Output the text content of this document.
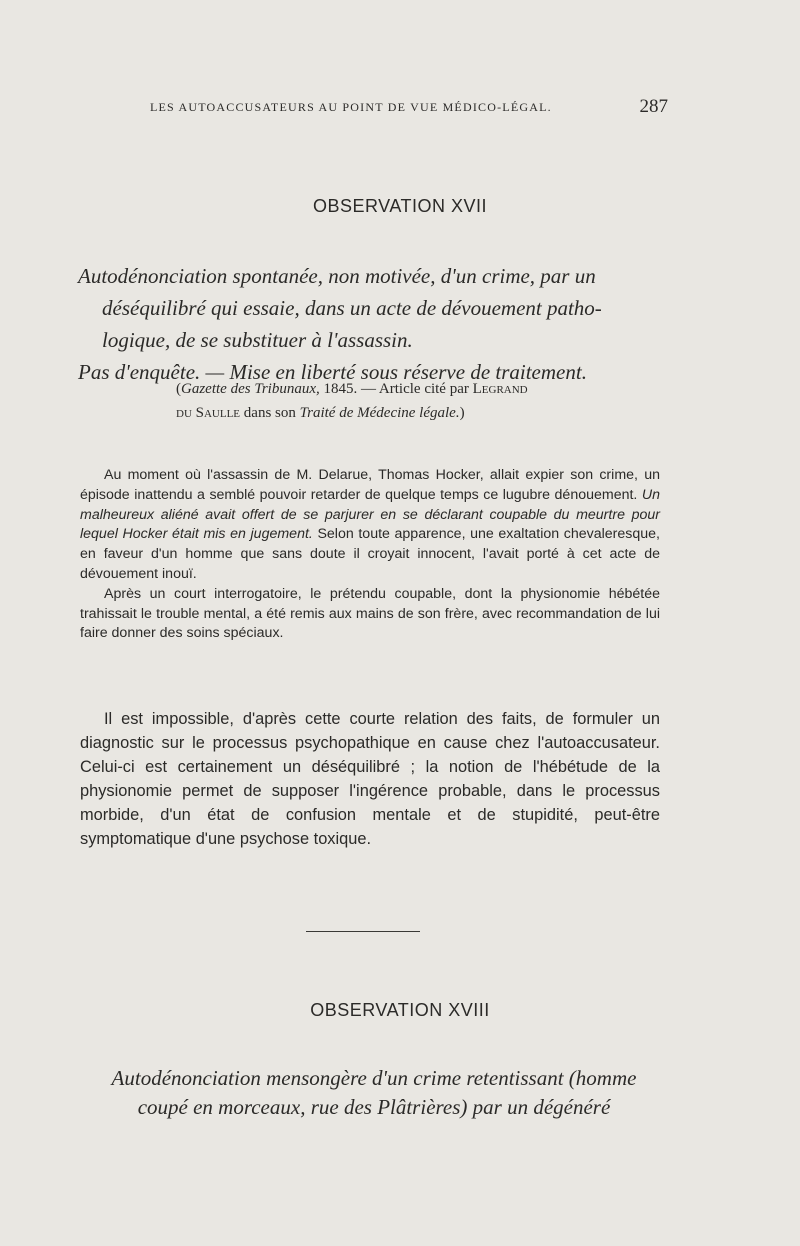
LES AUTOACCUSATEURS AU POINT DE VUE MÉDICO-LÉGAL.	287
OBSERVATION XVII
Autodénonciation spontanée, non motivée, d'un crime, par un
déséquilibré qui essaie, dans un acte de dévouement patho-
logique, de se substituer à l'assassin.
Pas d'enquête. — Mise en liberté sous réserve de traitement.
(Gazette des Tribunaux, 1845. — Article cité par Legrand
du Saulle dans son Traité de Médecine légale.)

Au moment où l'assassin de M. Delarue, Thomas Hocker, allait expier son crime, un épisode inattendu a semblé pouvoir retarder de quelque temps ce lugubre dénouement. Un malheureux aliéné avait offert de se parjurer en se déclarant coupable du meurtre pour lequel Hocker était mis en jugement. Selon toute apparence, une exaltation chevaleresque, en faveur d'un homme que sans doute il croyait innocent, l'avait porté à cet acte de dévouement inouï.

Après un court interrogatoire, le prétendu coupable, dont la physionomie hébétée trahissait le trouble mental, a été remis aux mains de son frère, avec recommandation de lui faire donner des soins spéciaux.

Il est impossible, d'après cette courte relation des faits, de formuler un diagnostic sur le processus psychopathique en cause chez l'autoaccusateur. Celui-ci est certainement un déséquilibré ; la notion de l'hébétude de la physionomie permet de supposer l'ingérence probable, dans le processus morbide, d'un état de confusion mentale et de stupidité, peut-être symptomatique d'une psychose toxique.

OBSERVATION XVIII
Autodénonciation mensongère d'un crime retentissant (homme
coupé en morceaux, rue des Plâtrières) par un dégénéré
